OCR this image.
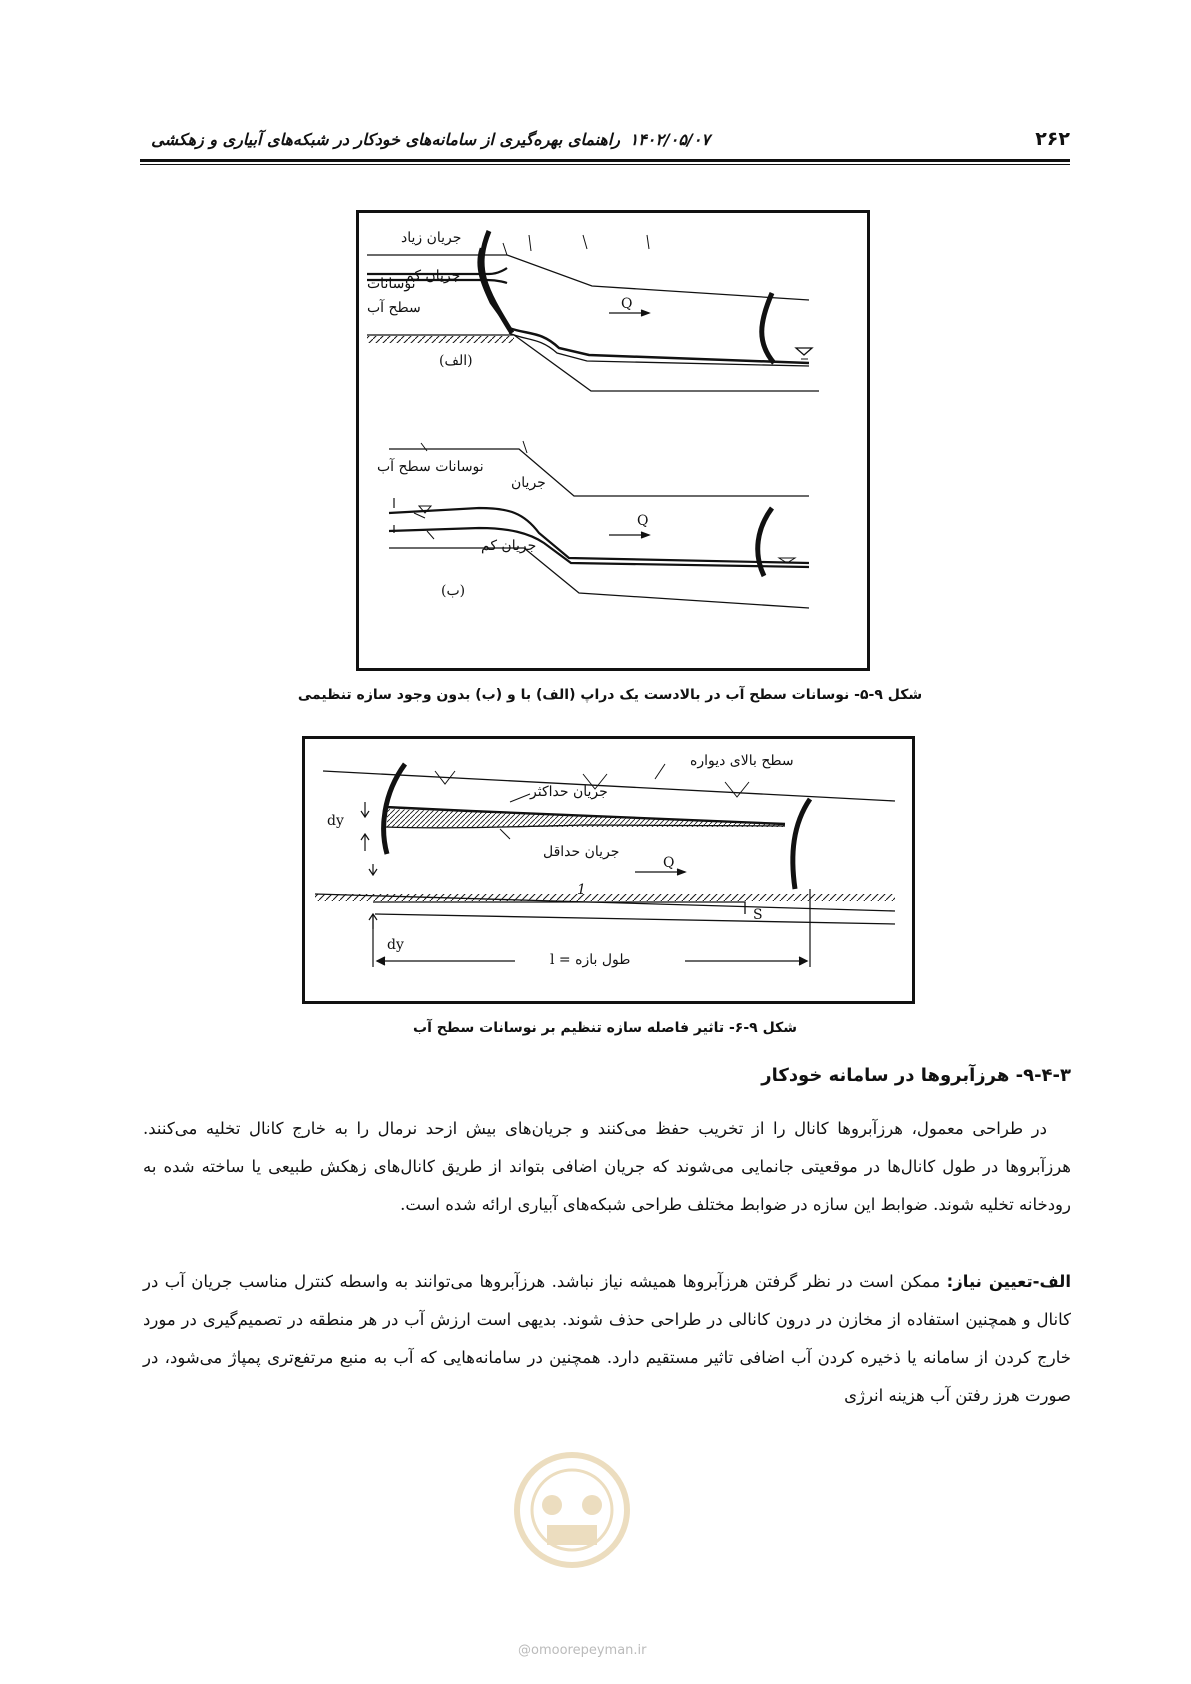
۲۶۲
۱۴۰۲/۰۵/۰۷
راهنمای بهره‌گیری از سامانه‌های خودکار در شبکه‌های آبیاری و زهکشی
جریان زیاد
جریان کم
نوسانات
سطح آب	Q
(الف)
نوسانات سطح آب
جریان
جریان کم
Q
(ب)
شکل ۹-۵- نوسانات سطح آب در بالادست یک دراپ (الف) با و (ب) بدون وجود سازه تنظیمی
سطح بالای دیواره
جریان حداکثر
dy
جریان حداقل
Q
1
S
dy
طول بازه = l
شکل ۹-۶- تاثیر فاصله سازه تنظیم بر نوسانات سطح آب
۹-۴-۳- هرزآبروها در سامانه خودکار
در طراحی معمول، هرزآبروها کانال را از تخریب حفظ می‌کنند و جریان‌های بیش ازحد نرمال را به خارج کانال تخلیه می‌کنند. هرزآبروها در طول کانال‌ها در موقعیتی جانمایی می‌شوند که جریان اضافی بتواند از طریق کانال‌های زهکش طبیعی یا ساخته شده به رودخانه تخلیه شوند. ضوابط این سازه در ضوابط مختلف طراحی شبکه‌های آبیاری ارائه شده است.
الف-تعیین نیاز: ممکن است در نظر گرفتن هرزآبروها همیشه نیاز نباشد. هرزآبروها می‌توانند به واسطه کنترل مناسب جریان آب در کانال و همچنین استفاده از مخازن در درون کانالی در طراحی حذف شوند. بدیهی است ارزش آب در هر منطقه در تصمیم‌گیری در مورد خارج کردن از سامانه یا ذخیره کردن آب اضافی تاثیر مستقیم دارد. همچنین در سامانه‌هایی که آب به منبع مرتفع‌تری پمپاژ می‌شود، در صورت هرز رفتن آب هزینه انرژی
@omoorepeyman.ir
